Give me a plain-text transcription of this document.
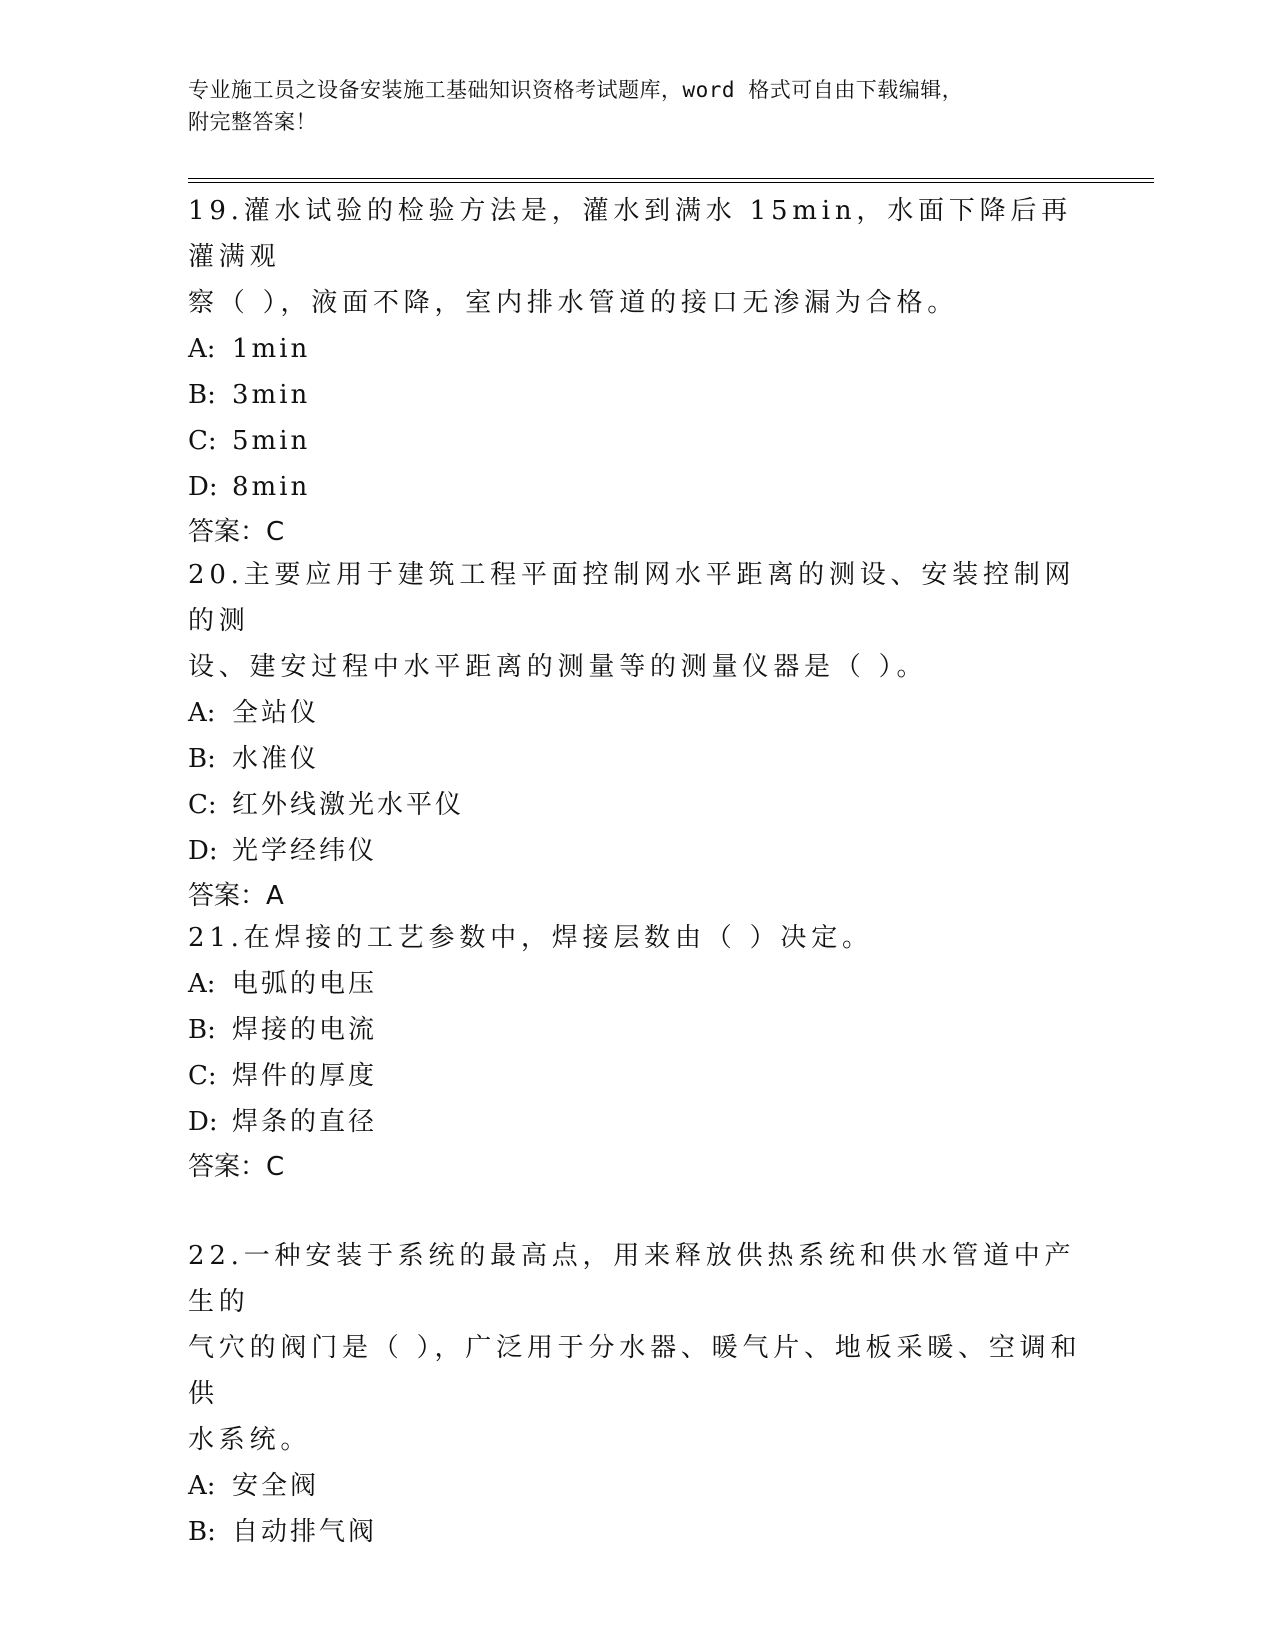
专业施工员之设备安装施工基础知识资格考试题库，word 格式可自由下载编辑，
附完整答案！

19.灌水试验的检验方法是，灌水到满水 15min，水面下降后再灌满观

察（ ），液面不降，室内排水管道的接口无渗漏为合格。

A: 1min

B: 3min

C: 5min

D: 8min

答案：C

20.主要应用于建筑工程平面控制网水平距离的测设、安装控制网的测

设、建安过程中水平距离的测量等的测量仪器是（ ）。

A: 全站仪

B: 水准仪

C: 红外线激光水平仪

D: 光学经纬仪

答案：A

21.在焊接的工艺参数中，焊接层数由（ ）决定。

A: 电弧的电压

B: 焊接的电流

C: 焊件的厚度

D: 焊条的直径

答案：C

22.一种安装于系统的最高点，用来释放供热系统和供水管道中产生的

气穴的阀门是（ ），广泛用于分水器、暖气片、地板采暖、空调和供

水系统。

A: 安全阀

B: 自动排气阀
